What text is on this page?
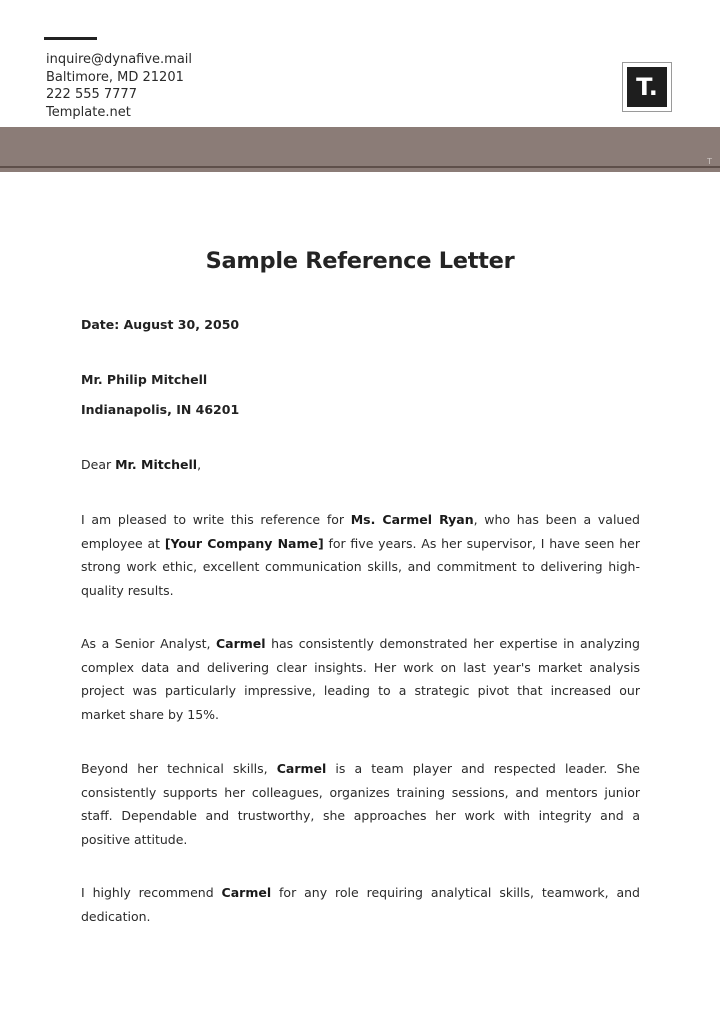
inquire@dynafive.mail
Baltimore, MD 21201
222 555 7777
Template.net
T.
T
Sample Reference Letter
Date: August 30, 2050
Mr. Philip Mitchell
Indianapolis, IN 46201
Dear Mr. Mitchell,

I am pleased to write this reference for Ms. Carmel Ryan, who has been a valued employee at [Your Company Name] for five years. As her supervisor, I have seen her strong work ethic, excellent communication skills, and commitment to delivering high-quality results.

As a Senior Analyst, Carmel has consistently demonstrated her expertise in analyzing complex data and delivering clear insights. Her work on last year's market analysis project was particularly impressive, leading to a strategic pivot that increased our market share by 15%.

Beyond her technical skills, Carmel is a team player and respected leader. She consistently supports her colleagues, organizes training sessions, and mentors junior staff. Dependable and trustworthy, she approaches her work with integrity and a positive attitude.

I highly recommend Carmel for any role requiring analytical skills, teamwork, and dedication.
